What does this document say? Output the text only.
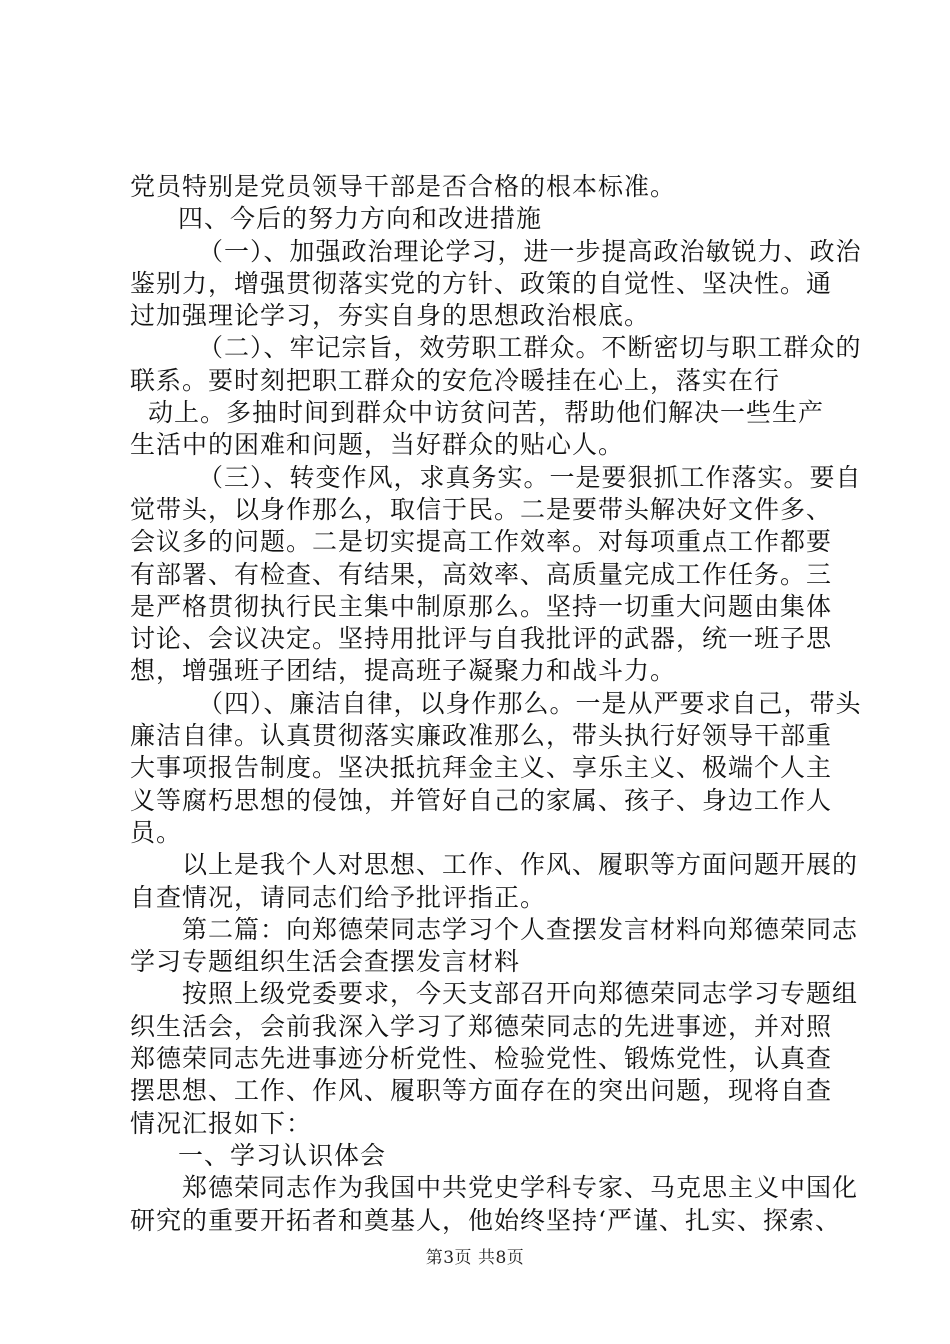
党员特别是党员领导干部是否合格的根本标准。
四、今后的努力方向和改进措施
（一）、加强政治理论学习，进一步提高政治敏锐力、政治
鉴别力，增强贯彻落实党的方针、政策的自觉性、坚决性。通
过加强理论学习，夯实自身的思想政治根底。
（二）、牢记宗旨，效劳职工群众。不断密切与职工群众的
联系。要时刻把职工群众的安危冷暖挂在心上，落实在行
动上。多抽时间到群众中访贫问苦，帮助他们解决一些生产
生活中的困难和问题，当好群众的贴心人。
（三）、转变作风，求真务实。一是要狠抓工作落实。要自
觉带头，以身作那么，取信于民。二是要带头解决好文件多、
会议多的问题。二是切实提高工作效率。对每项重点工作都要
有部署、有检查、有结果，高效率、高质量完成工作任务。三
是严格贯彻执行民主集中制原那么。坚持一切重大问题由集体
讨论、会议决定。坚持用批评与自我批评的武器，统一班子思
想，增强班子团结，提高班子凝聚力和战斗力。
（四）、廉洁自律，以身作那么。一是从严要求自己，带头
廉洁自律。认真贯彻落实廉政准那么，带头执行好领导干部重
大事项报告制度。坚决抵抗拜金主义、享乐主义、极端个人主
义等腐朽思想的侵蚀，并管好自己的家属、孩子、身边工作人
员。
以上是我个人对思想、工作、作风、履职等方面问题开展的
自查情况，请同志们给予批评指正。
第二篇：向郑德荣同志学习个人查摆发言材料向郑德荣同志
学习专题组织生活会查摆发言材料
按照上级党委要求，今天支部召开向郑德荣同志学习专题组
织生活会，会前我深入学习了郑德荣同志的先进事迹，并对照
郑德荣同志先进事迹分析党性、检验党性、锻炼党性，认真查
摆思想、工作、作风、履职等方面存在的突出问题，现将自查
情况汇报如下：
一、学习认识体会
郑德荣同志作为我国中共党史学科专家、马克思主义中国化
研究的重要开拓者和奠基人，他始终坚持‘严谨、扎实、探索、
第3页 共8页
